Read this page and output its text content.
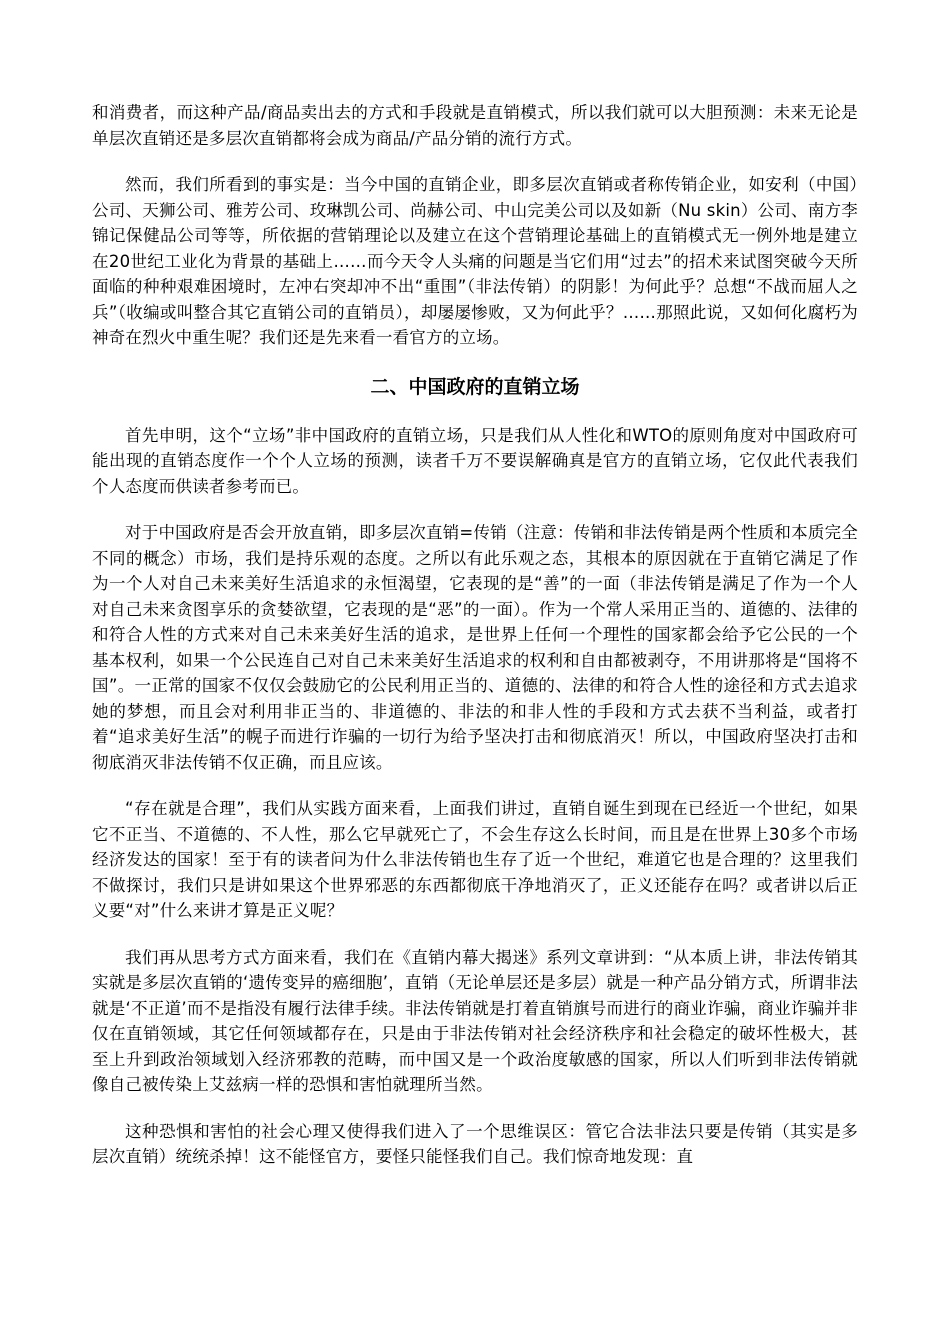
和消费者，而这种产品/商品卖出去的方式和手段就是直销模式，所以我们就可以大胆预测：未来无论是单层次直销还是多层次直销都将会成为商品/产品分销的流行方式。

然而，我们所看到的事实是：当今中国的直销企业，即多层次直销或者称传销企业，如安利（中国）公司、天狮公司、雅芳公司、玫琳凯公司、尚赫公司、中山完美公司以及如新（Nu skin）公司、南方李锦记保健品公司等等，所依据的营销理论以及建立在这个营销理论基础上的直销模式无一例外地是建立在20世纪工业化为背景的基础上……而今天令人头痛的问题是当它们用“过去”的招术来试图突破今天所面临的种种艰难困境时，左冲右突却冲不出“重围”（非法传销）的阴影！为何此乎？总想“不战而屈人之兵”（收编或叫整合其它直销公司的直销员），却屡屡惨败，又为何此乎？……那照此说，又如何化腐朽为神奇在烈火中重生呢？我们还是先来看一看官方的立场。

二、中国政府的直销立场

首先申明，这个“立场”非中国政府的直销立场，只是我们从人性化和WTO的原则角度对中国政府可能出现的直销态度作一个个人立场的预测，读者千万不要误解确真是官方的直销立场，它仅此代表我们个人态度而供读者参考而已。

对于中国政府是否会开放直销，即多层次直销=传销（注意：传销和非法传销是两个性质和本质完全不同的概念）市场，我们是持乐观的态度。之所以有此乐观之态，其根本的原因就在于直销它满足了作为一个人对自己未来美好生活追求的永恒渴望，它表现的是“善”的一面（非法传销是满足了作为一个人对自己未来贪图享乐的贪婪欲望，它表现的是“恶”的一面）。作为一个常人采用正当的、道德的、法律的和符合人性的方式来对自己未来美好生活的追求，是世界上任何一个理性的国家都会给予它公民的一个基本权利，如果一个公民连自己对自己未来美好生活追求的权利和自由都被剥夺，不用讲那将是“国将不国”。一正常的国家不仅仅会鼓励它的公民利用正当的、道德的、法律的和符合人性的途径和方式去追求她的梦想，而且会对利用非正当的、非道德的、非法的和非人性的手段和方式去获不当利益，或者打着“追求美好生活”的幌子而进行诈骗的一切行为给予坚决打击和彻底消灭！所以，中国政府坚决打击和彻底消灭非法传销不仅正确，而且应该。

“存在就是合理”，我们从实践方面来看，上面我们讲过，直销自诞生到现在已经近一个世纪，如果它不正当、不道德的、不人性，那么它早就死亡了，不会生存这么长时间，而且是在世界上30多个市场经济发达的国家！至于有的读者问为什么非法传销也生存了近一个世纪，难道它也是合理的？这里我们不做探讨，我们只是讲如果这个世界邪恶的东西都彻底干净地消灭了，正义还能存在吗？或者讲以后正义要“对”什么来讲才算是正义呢？

我们再从思考方式方面来看，我们在《直销内幕大揭迷》系列文章讲到：“从本质上讲，非法传销其实就是多层次直销的‘遗传变异的癌细胞’，直销（无论单层还是多层）就是一种产品分销方式，所谓非法就是‘不正道’而不是指没有履行法律手续。非法传销就是打着直销旗号而进行的商业诈骗，商业诈骗并非仅在直销领域，其它任何领域都存在，只是由于非法传销对社会经济秩序和社会稳定的破坏性极大，甚至上升到政治领域划入经济邪教的范畴，而中国又是一个政治度敏感的国家，所以人们听到非法传销就像自己被传染上艾兹病一样的恐惧和害怕就理所当然。

这种恐惧和害怕的社会心理又使得我们进入了一个思维误区：管它合法非法只要是传销（其实是多层次直销）统统杀掉！这不能怪官方，要怪只能怪我们自己。我们惊奇地发现：直
